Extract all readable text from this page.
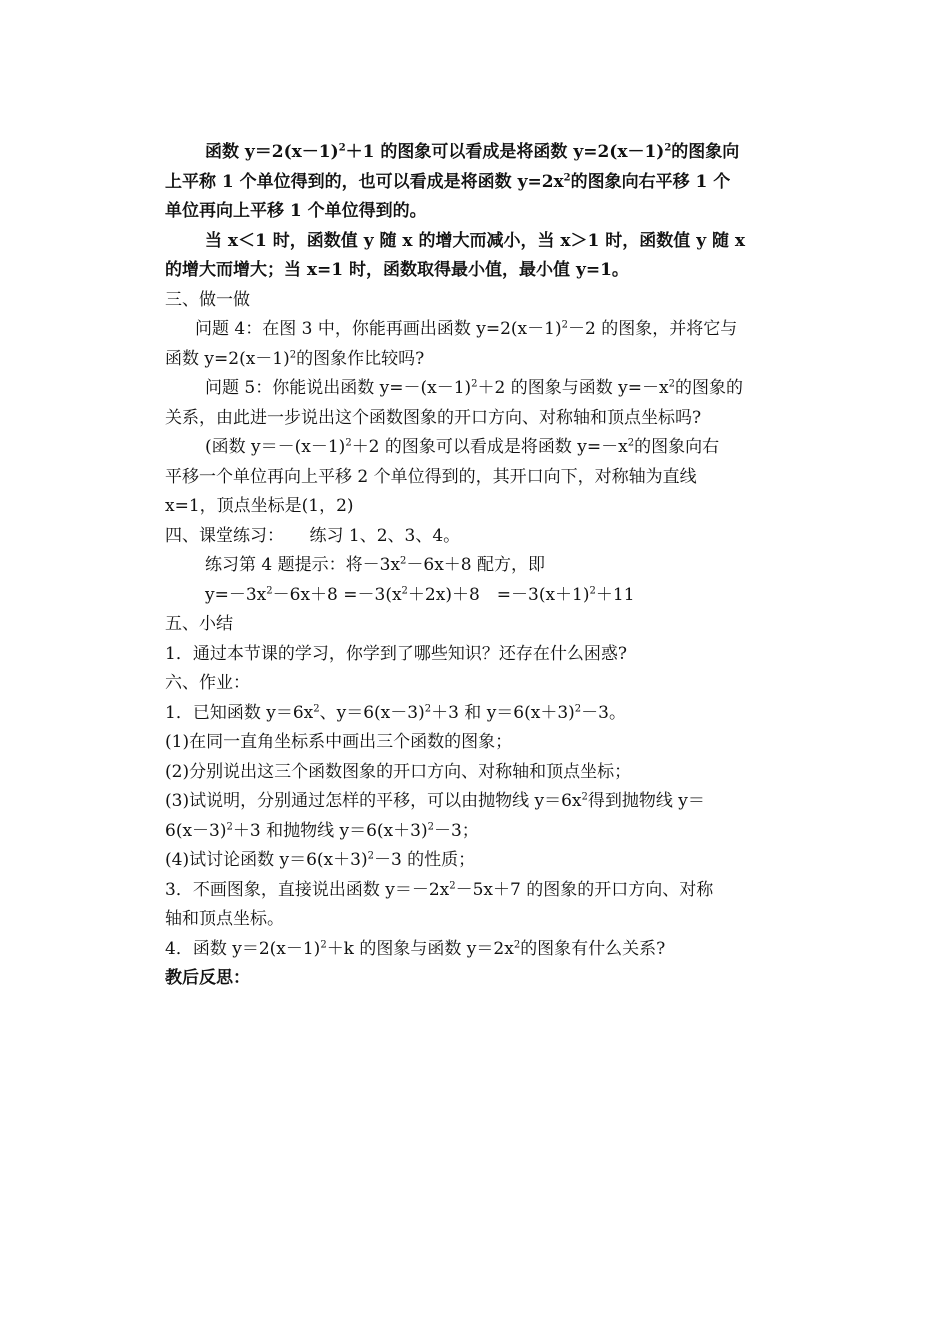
函数 $y=2(x-1)^2+1$ 的图象可以看成是将函数 $y=2(x-1)^2$的图象向
上平称 1 个单位得到的，也可以看成是将函数 $y=2x^2$的图象向右平移 1 个
单位再向上平移 1 个单位得到的。
当 x＜1 时，函数值 y 随 x 的增大而减小，当 x＞1 时，函数值 y 随 x
的增大而增大；当 x=1 时，函数取得最小值，最小值 y=1。
三、做一做
问题 4：在图 3 中，你能再画出函数 $y=2(x-1)^2-2$ 的图象，并将它与
函数 $y=2(x-1)^2$的图象作比较吗?
问题 5：你能说出函数 $y=-(x-1)^2+2$ 的图象与函数 $y=-x^2$的图象的
关系，由此进一步说出这个函数图象的开口方向、对称轴和顶点坐标吗?
(函数 $y=-(x-1)^2+2$ 的图象可以看成是将函数 $y=-x^2$的图象向右
平移一个单位再向上平移 2 个单位得到的，其开口向下，对称轴为直线
x=1，顶点坐标是(1，2)
四、课堂练习：　　练习 1、2、3、4。
练习第 4 题提示：将$-3x^2-6x+8$ 配方，即
$y=-3x^2-6x+8 =-3(x^2+2x)+8$　$=-3(x+1)^2+11$
五、小结
1．通过本节课的学习，你学到了哪些知识？还存在什么困惑?
六、作业：
1．已知函数 $y=6x^2$、$y=6(x-3)^2+3$ 和 $y=6(x+3)^2-3$。
(1)在同一直角坐标系中画出三个函数的图象；
(2)分别说出这三个函数图象的开口方向、对称轴和顶点坐标；
(3)试说明，分别通过怎样的平移，可以由抛物线 $y=6x^2$得到抛物线 y＝
$6(x-3)^2+3$ 和抛物线 $y=6(x+3)^2-3$；
(4)试讨论函数 $y=6(x+3)^2-3$ 的性质；
3．不画图象，直接说出函数 $y=-2x^2-5x+7$ 的图象的开口方向、对称
轴和顶点坐标。
4．函数 $y=2(x-1)^2+k$ 的图象与函数 $y=2x^2$的图象有什么关系?
教后反思：
